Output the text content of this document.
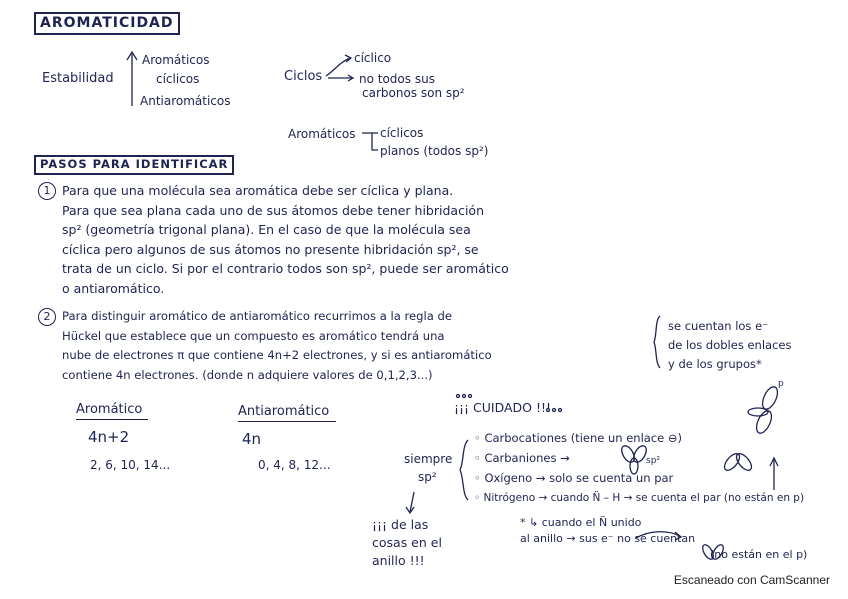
AROMATICIDAD
Estabilidad
Aromáticos
cíclicos
Antiaromáticos
Ciclos
cíclico
no todos sus
carbonos son sp²
Aromáticos cíclicos
planos (todos sp²)
PASOS PARA IDENTIFICAR
1 Para que una molécula sea aromática debe ser cíclica y plana.
Para que sea plana cada uno de sus átomos debe tener hibridación
sp² (geometría trigonal plana). En el caso de que la molécula sea
cíclica pero algunos de sus átomos no presente hibridación sp², se
trata de un ciclo. Si por el contrario todos son sp², puede ser aromático
o antiaromático.
2 Para distinguir aromático de antiaromático recurrimos a la regla de
Hückel que establece que un compuesto es aromático tendrá una
nube de electrones π que contiene 4n+2 electrones, y si es antiaromático
contiene 4n electrones. (donde n adquiere valores de 0,1,2,3...)
se cuentan los e⁻
de los dobles enlaces
y de los grupos*
Aromático
4n+2
2, 6, 10, 14...
Antiaromático
4n
0, 4, 8, 12...
¡¡¡ CUIDADO !!!
siempre
sp²
◦ Carbocationes (tiene un enlace ⊖)
◦ Carbaniones →
◦ Oxígeno → solo se cuenta un par
◦ Nitrógeno → cuando N̈ – H → se cuenta el par (no están en p)
* ↳ cuando el N̈ unido
al anillo → sus e⁻ no se cuentan
(no están en el p)
¡¡¡ de las
cosas en el
anillo !!!
sp²
p
Escaneado con CamScanner
